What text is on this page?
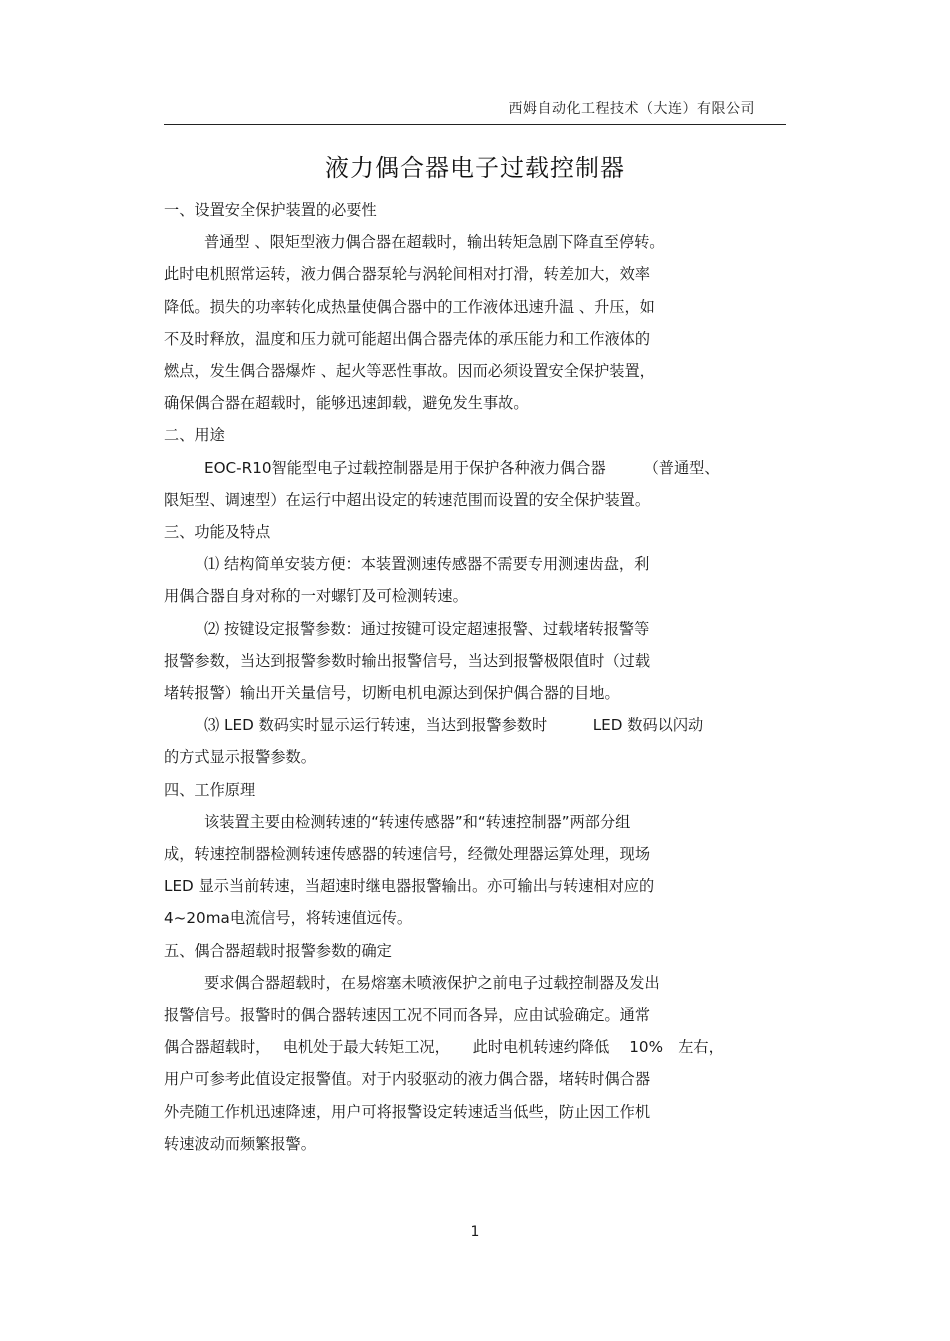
西姆自动化工程技术（大连）有限公司
液力偶合器电子过载控制器
一、设置安全保护装置的必要性
普通型 、限矩型液力偶合器在超载时，输出转矩急剧下降直至停转。
此时电机照常运转，液力偶合器泵轮与涡轮间相对打滑，转差加大，效率
降低。损失的功率转化成热量使偶合器中的工作液体迅速升温 、升压，如
不及时释放，温度和压力就可能超出偶合器壳体的承压能力和工作液体的
燃点，发生偶合器爆炸 、起火等恶性事故。因而必须设置安全保护装置，
确保偶合器在超载时，能够迅速卸载，避免发生事故。
二、用途
EOC-R10智能型电子过载控制器是用于保护各种液力偶合器　　　（普通型、
限矩型、调速型）在运行中超出设定的转速范围而设置的安全保护装置。
三、功能及特点
⑴ 结构简单安装方便：本装置测速传感器不需要专用测速齿盘，利
用偶合器自身对称的一对螺钉及可检测转速。
⑵ 按键设定报警参数：通过按键可设定超速报警、过载堵转报警等
报警参数，当达到报警参数时输出报警信号，当达到报警极限值时（过载
堵转报警）输出开关量信号，切断电机电源达到保护偶合器的目地。
⑶ LED 数码实时显示运行转速，当达到报警参数时　　　LED 数码以闪动
的方式显示报警参数。
四、工作原理
该装置主要由检测转速的“转速传感器”和“转速控制器”两部分组
成，转速控制器检测转速传感器的转速信号，经微处理器运算处理，现场
LED 显示当前转速，当超速时继电器报警输出。亦可输出与转速相对应的
4~20ma电流信号，将转速值远传。
五、偶合器超载时报警参数的确定
要求偶合器超载时，在易熔塞未喷液保护之前电子过载控制器及发出
报警信号。报警时的偶合器转速因工况不同而各异，应由试验确定。通常
偶合器超载时，　 电机处于最大转矩工况，　　此时电机转速约降低　 10%　左右，
用户可参考此值设定报警值。对于内驳驱动的液力偶合器，堵转时偶合器
外壳随工作机迅速降速，用户可将报警设定转速适当低些，防止因工作机
转速波动而频繁报警。
1
